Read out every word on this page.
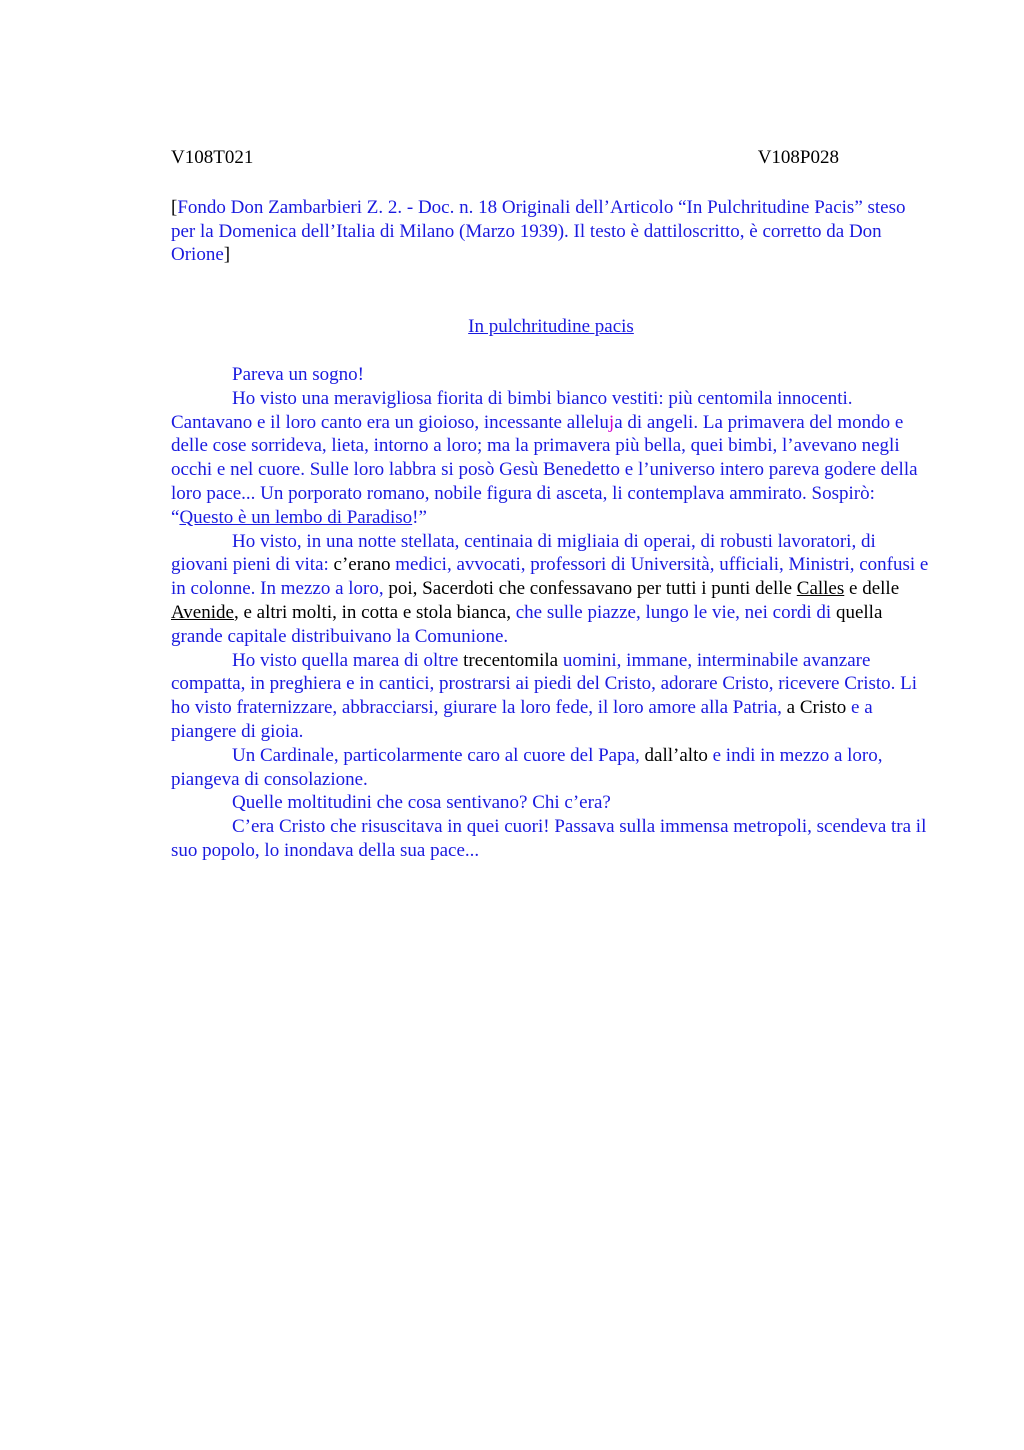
V108T021	V108P028
[Fondo Don Zambarbieri Z. 2. - Doc. n. 18 Originali dell’Articolo “In Pulchritudine Pacis” steso per la Domenica dell’Italia di Milano (Marzo 1939). Il testo è dattiloscritto, è corretto da Don Orione]
In pulchritudine pacis

Pareva un sogno!

Ho visto una meravigliosa fiorita di bimbi bianco vestiti: più centomila innocenti. Cantavano e il loro canto era un gioioso, incessante alleluja di angeli. La primavera del mondo e delle cose sorrideva, lieta, intorno a loro; ma la primavera più bella, quei bimbi, l’avevano negli occhi e nel cuore. Sulle loro labbra si posò Gesù Benedetto e l’universo intero pareva godere della loro pace... Un porporato romano, nobile figura di asceta, li contemplava ammirato. Sospirò: “Questo è un lembo di Paradiso!”

Ho visto, in una notte stellata, centinaia di migliaia di operai, di robusti lavoratori, di giovani pieni di vita: c’erano medici, avvocati, professori di Università, ufficiali, Ministri, confusi e in colonne. In mezzo a loro, poi, Sacerdoti che confessavano per tutti i punti delle Calles e delle Avenide, e altri molti, in cotta e stola bianca, che sulle piazze, lungo le vie, nei cordi di quella grande capitale distribuivano la Comunione.

Ho visto quella marea di oltre trecentomila uomini, immane, interminabile avanzare compatta, in preghiera e in cantici, prostrarsi ai piedi del Cristo, adorare Cristo, ricevere Cristo. Li ho visto fraternizzare, abbracciarsi, giurare la loro fede, il loro amore alla Patria, a Cristo e a piangere di gioia.

Un Cardinale, particolarmente caro al cuore del Papa, dall’alto e indi in mezzo a loro, piangeva di consolazione.

Quelle moltitudini che cosa sentivano? Chi c’era?

C’era Cristo che risuscitava in quei cuori! Passava sulla immensa metropoli, scendeva tra il suo popolo, lo inondava della sua pace...
